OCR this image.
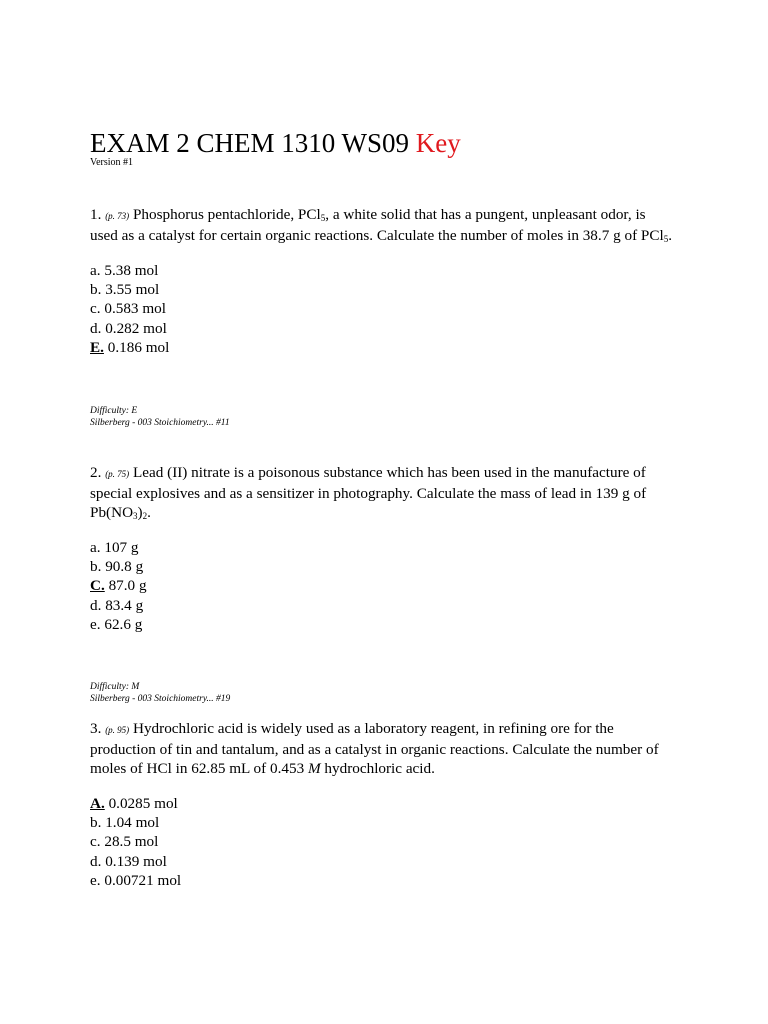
EXAM 2 CHEM 1310 WS09 Key
Version #1
1. (p. 73) Phosphorus pentachloride, PCl$_5$, a white solid that has a pungent, unpleasant odor, is used as a catalyst for certain organic reactions. Calculate the number of moles in 38.7 g of PCl$_5$.
a. 5.38 mol
b. 3.55 mol
c. 0.583 mol
d. 0.282 mol
E. 0.186 mol
Difficulty: E
Silberberg - 003 Stoichiometry... #11
2. (p. 75) Lead (II) nitrate is a poisonous substance which has been used in the manufacture of special explosives and as a sensitizer in photography. Calculate the mass of lead in 139 g of $Pb(NO_3)_2$.
a. 107 g
b. 90.8 g
C. 87.0 g
d. 83.4 g
e. 62.6 g
Difficulty: M
Silberberg - 003 Stoichiometry... #19
3. (p. 95) Hydrochloric acid is widely used as a laboratory reagent, in refining ore for the production of tin and tantalum, and as a catalyst in organic reactions. Calculate the number of moles of HCl in 62.85 mL of 0.453 M hydrochloric acid.
A. 0.0285 mol
b. 1.04 mol
c. 28.5 mol
d. 0.139 mol
e. 0.00721 mol
